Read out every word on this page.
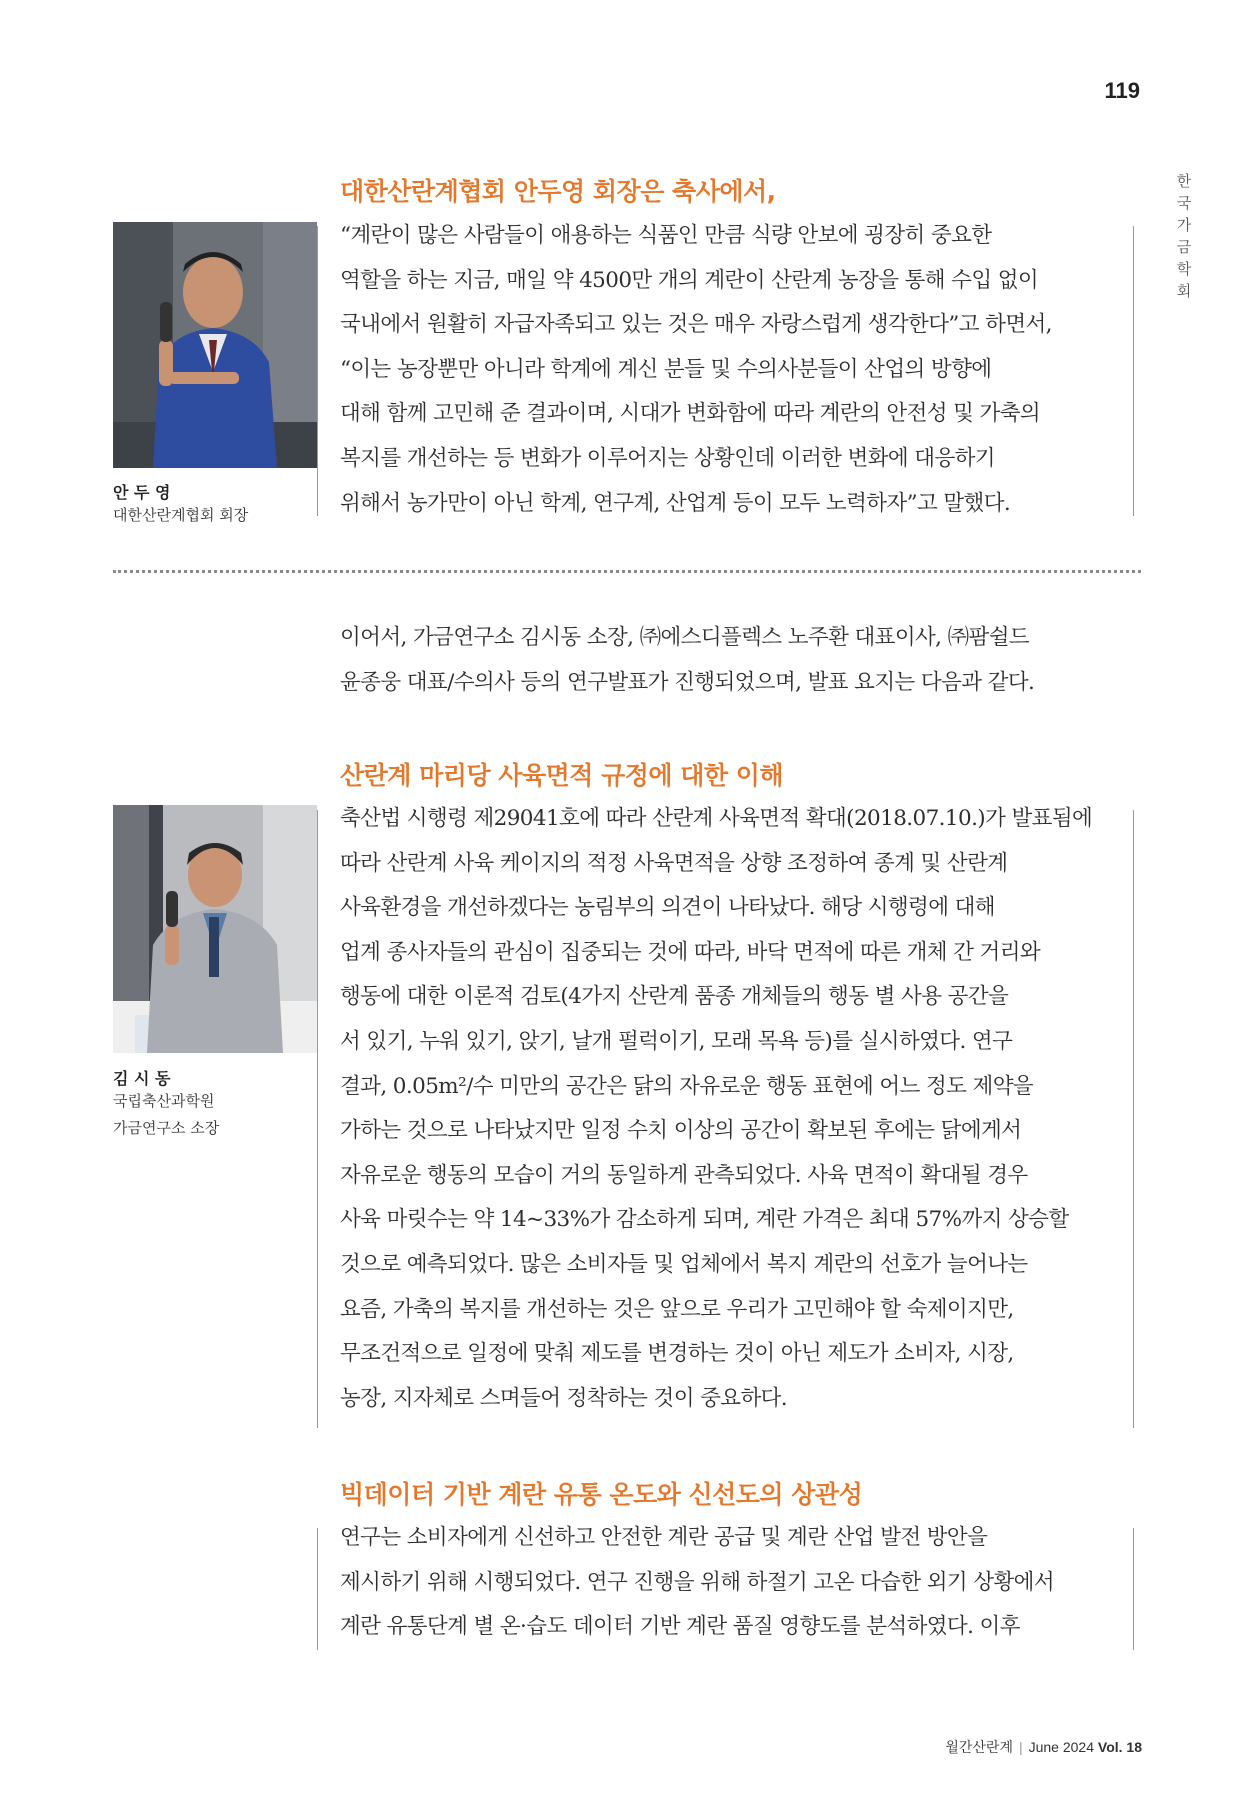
119
한
국
가
금
학
회
대한산란계협회 안두영 회장은 축사에서,
안 두 영
대한산란계협회 회장
“계란이 많은 사람들이 애용하는 식품인 만큼 식량 안보에 굉장히 중요한
역할을 하는 지금, 매일 약 4500만 개의 계란이 산란계 농장을 통해 수입 없이
국내에서 원활히 자급자족되고 있는 것은 매우 자랑스럽게 생각한다”고 하면서,
“이는 농장뿐만 아니라 학계에 계신 분들 및 수의사분들이 산업의 방향에
대해 함께 고민해 준 결과이며, 시대가 변화함에 따라 계란의 안전성 및 가축의
복지를 개선하는 등 변화가 이루어지는 상황인데 이러한 변화에 대응하기
위해서 농가만이 아닌 학계, 연구계, 산업계 등이 모두 노력하자”고 말했다.
이어서, 가금연구소 김시동 소장, ㈜에스디플렉스 노주환 대표이사, ㈜팜쉴드
윤종웅 대표/수의사 등의 연구발표가 진행되었으며, 발표 요지는 다음과 같다.
산란계 마리당 사육면적 규정에 대한 이해
김 시 동
국립축산과학원
가금연구소 소장
축산법 시행령 제29041호에 따라 산란계 사육면적 확대(2018.07.10.)가 발표됨에
따라 산란계 사육 케이지의 적정 사육면적을 상향 조정하여 종계 및 산란계
사육환경을 개선하겠다는 농림부의 의견이 나타났다. 해당 시행령에 대해
업계 종사자들의 관심이 집중되는 것에 따라, 바닥 면적에 따른 개체 간 거리와
행동에 대한 이론적 검토(4가지 산란계 품종 개체들의 행동 별 사용 공간을
서 있기, 누워 있기, 앉기, 날개 펄럭이기, 모래 목욕 등)를 실시하였다. 연구
결과, 0.05m²/수 미만의 공간은 닭의 자유로운 행동 표현에 어느 정도 제약을
가하는 것으로 나타났지만 일정 수치 이상의 공간이 확보된 후에는 닭에게서
자유로운 행동의 모습이 거의 동일하게 관측되었다. 사육 면적이 확대될 경우
사육 마릿수는 약 14~33%가 감소하게 되며, 계란 가격은 최대 57%까지 상승할
것으로 예측되었다. 많은 소비자들 및 업체에서 복지 계란의 선호가 늘어나는
요즘, 가축의 복지를 개선하는 것은 앞으로 우리가 고민해야 할 숙제이지만,
무조건적으로 일정에 맞춰 제도를 변경하는 것이 아닌 제도가 소비자, 시장,
농장, 지자체로 스며들어 정착하는 것이 중요하다.
빅데이터 기반 계란 유통 온도와 신선도의 상관성
연구는 소비자에게 신선하고 안전한 계란 공급 및 계란 산업 발전 방안을
제시하기 위해 시행되었다. 연구 진행을 위해 하절기 고온 다습한 외기 상황에서
계란 유통단계 별 온·습도 데이터 기반 계란 품질 영향도를 분석하였다. 이후
월간산란계 | June 2024 Vol. 18
